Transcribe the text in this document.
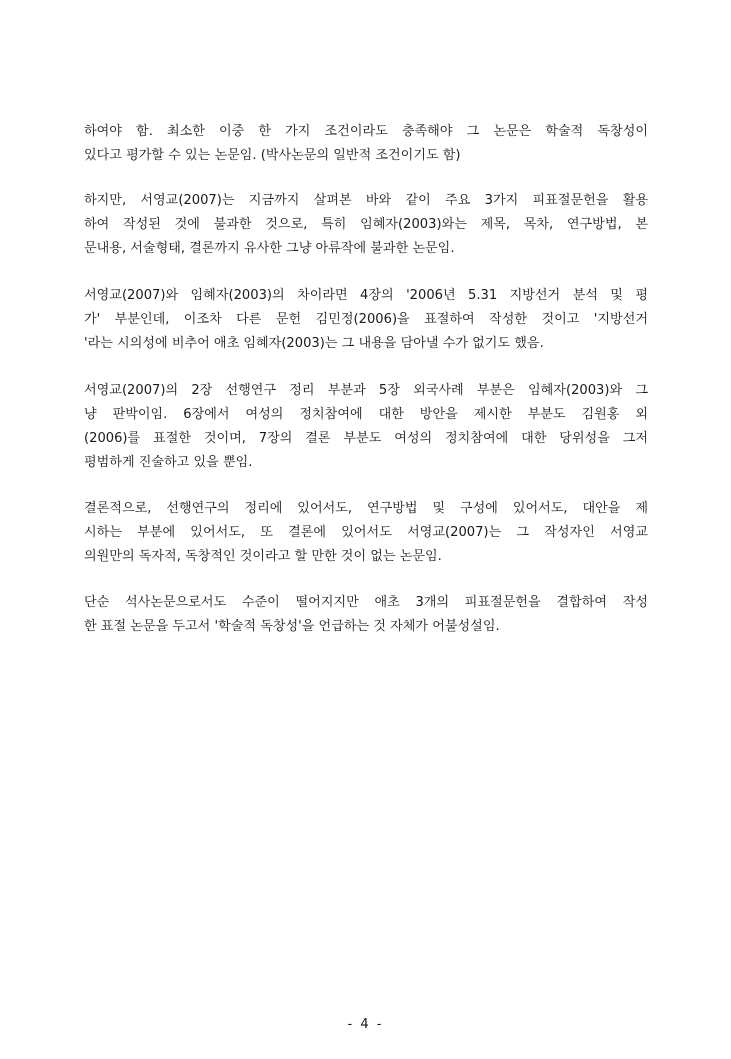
하여야 함. 최소한 이중 한 가지 조건이라도 충족해야 그 논문은 학술적 독창성이
있다고 평가할 수 있는 논문임. (박사논문의 일반적 조건이기도 함)
하지만, 서영교(2007)는 지금까지 살펴본 바와 같이 주요 3가지 피표절문헌을 활용
하여 작성된 것에 불과한 것으로, 특히 임혜자(2003)와는 제목, 목차, 연구방법, 본
문내용, 서술형태, 결론까지 유사한 그냥 아류작에 불과한 논문임.
서영교(2007)와 임혜자(2003)의 차이라면 4장의 '2006년 5.31 지방선거 분석 및 평
가' 부분인데, 이조차 다른 문헌 김민정(2006)을 표절하여 작성한 것이고 '지방선거
'라는 시의성에 비추어 애초 임혜자(2003)는 그 내용을 담아낼 수가 없기도 했음.
서영교(2007)의 2장 선행연구 정리 부분과 5장 외국사례 부분은 임혜자(2003)와 그
냥 판박이임. 6장에서 여성의 정치참여에 대한 방안을 제시한 부분도 김원홍 외
(2006)를 표절한 것이며, 7장의 결론 부분도 여성의 정치참여에 대한 당위성을 그저
평범하게 진술하고 있을 뿐임.
결론적으로, 선행연구의 정리에 있어서도, 연구방법 및 구성에 있어서도, 대안을 제
시하는 부분에 있어서도, 또 결론에 있어서도 서영교(2007)는 그 작성자인 서영교
의원만의 독자적, 독창적인 것이라고 할 만한 것이 없는 논문임.
단순 석사논문으로서도 수준이 떨어지지만 애초 3개의 피표절문헌을 결합하여 작성
한 표절 논문을 두고서 '학술적 독창성'을 언급하는 것 자체가 어불성설임.
- 4 -
